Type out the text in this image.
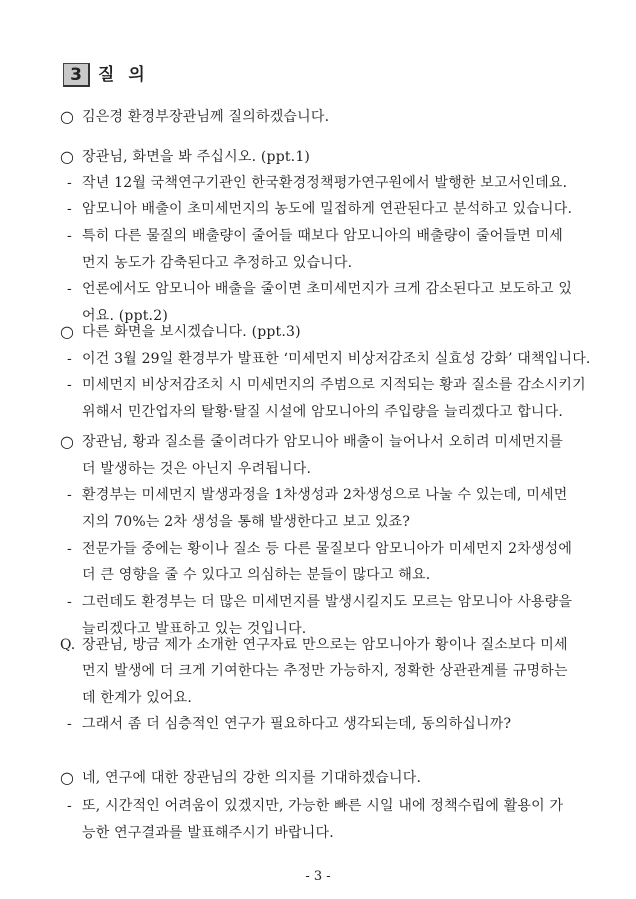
3 질 의
○ 김은경 환경부장관님께 질의하겠습니다.
○ 장관님, 화면을 봐 주십시오. (ppt.1)
- 작년 12월 국책연구기관인 한국환경정책평가연구원에서 발행한 보고서인데요.
- 암모니아 배출이 초미세먼지의 농도에 밀접하게 연관된다고 분석하고 있습니다.
- 특히 다른 물질의 배출량이 줄어들 때보다 암모니아의 배출량이 줄어들면 미세
먼지 농도가 감축된다고 추정하고 있습니다.
- 언론에서도 암모니아 배출을 줄이면 초미세먼지가 크게 감소된다고 보도하고 있
어요. (ppt.2)
○ 다른 화면을 보시겠습니다. (ppt.3)
- 이건 3월 29일 환경부가 발표한 ‘미세먼지 비상저감조치 실효성 강화’ 대책입니다.
- 미세먼지 비상저감조치 시 미세먼지의 주범으로 지적되는 황과 질소를 감소시키기
위해서 민간업자의 탈황·탈질 시설에 암모니아의 주입량을 늘리겠다고 합니다.
○ 장관님, 황과 질소를 줄이려다가 암모니아 배출이 늘어나서 오히려 미세먼지를
더 발생하는 것은 아닌지 우려됩니다.
- 환경부는 미세먼지 발생과정을 1차생성과 2차생성으로 나눌 수 있는데, 미세먼
지의 70%는 2차 생성을 통해 발생한다고 보고 있죠?
- 전문가들 중에는 황이나 질소 등 다른 물질보다 암모니아가 미세먼지 2차생성에
더 큰 영향을 줄 수 있다고 의심하는 분들이 많다고 해요.
- 그런데도 환경부는 더 많은 미세먼지를 발생시킬지도 모르는 암모니아 사용량을
늘리겠다고 발표하고 있는 것입니다.
Q. 장관님, 방금 제가 소개한 연구자료 만으로는 암모니아가 황이나 질소보다 미세
먼지 발생에 더 크게 기여한다는 추정만 가능하지, 정확한 상관관계를 규명하는
데 한계가 있어요.
- 그래서 좀 더 심층적인 연구가 필요하다고 생각되는데, 동의하십니까?
○ 네, 연구에 대한 장관님의 강한 의지를 기대하겠습니다.
- 또, 시간적인 어려움이 있겠지만, 가능한 빠른 시일 내에 정책수립에 활용이 가
능한 연구결과를 발표해주시기 바랍니다.
- 3 -
